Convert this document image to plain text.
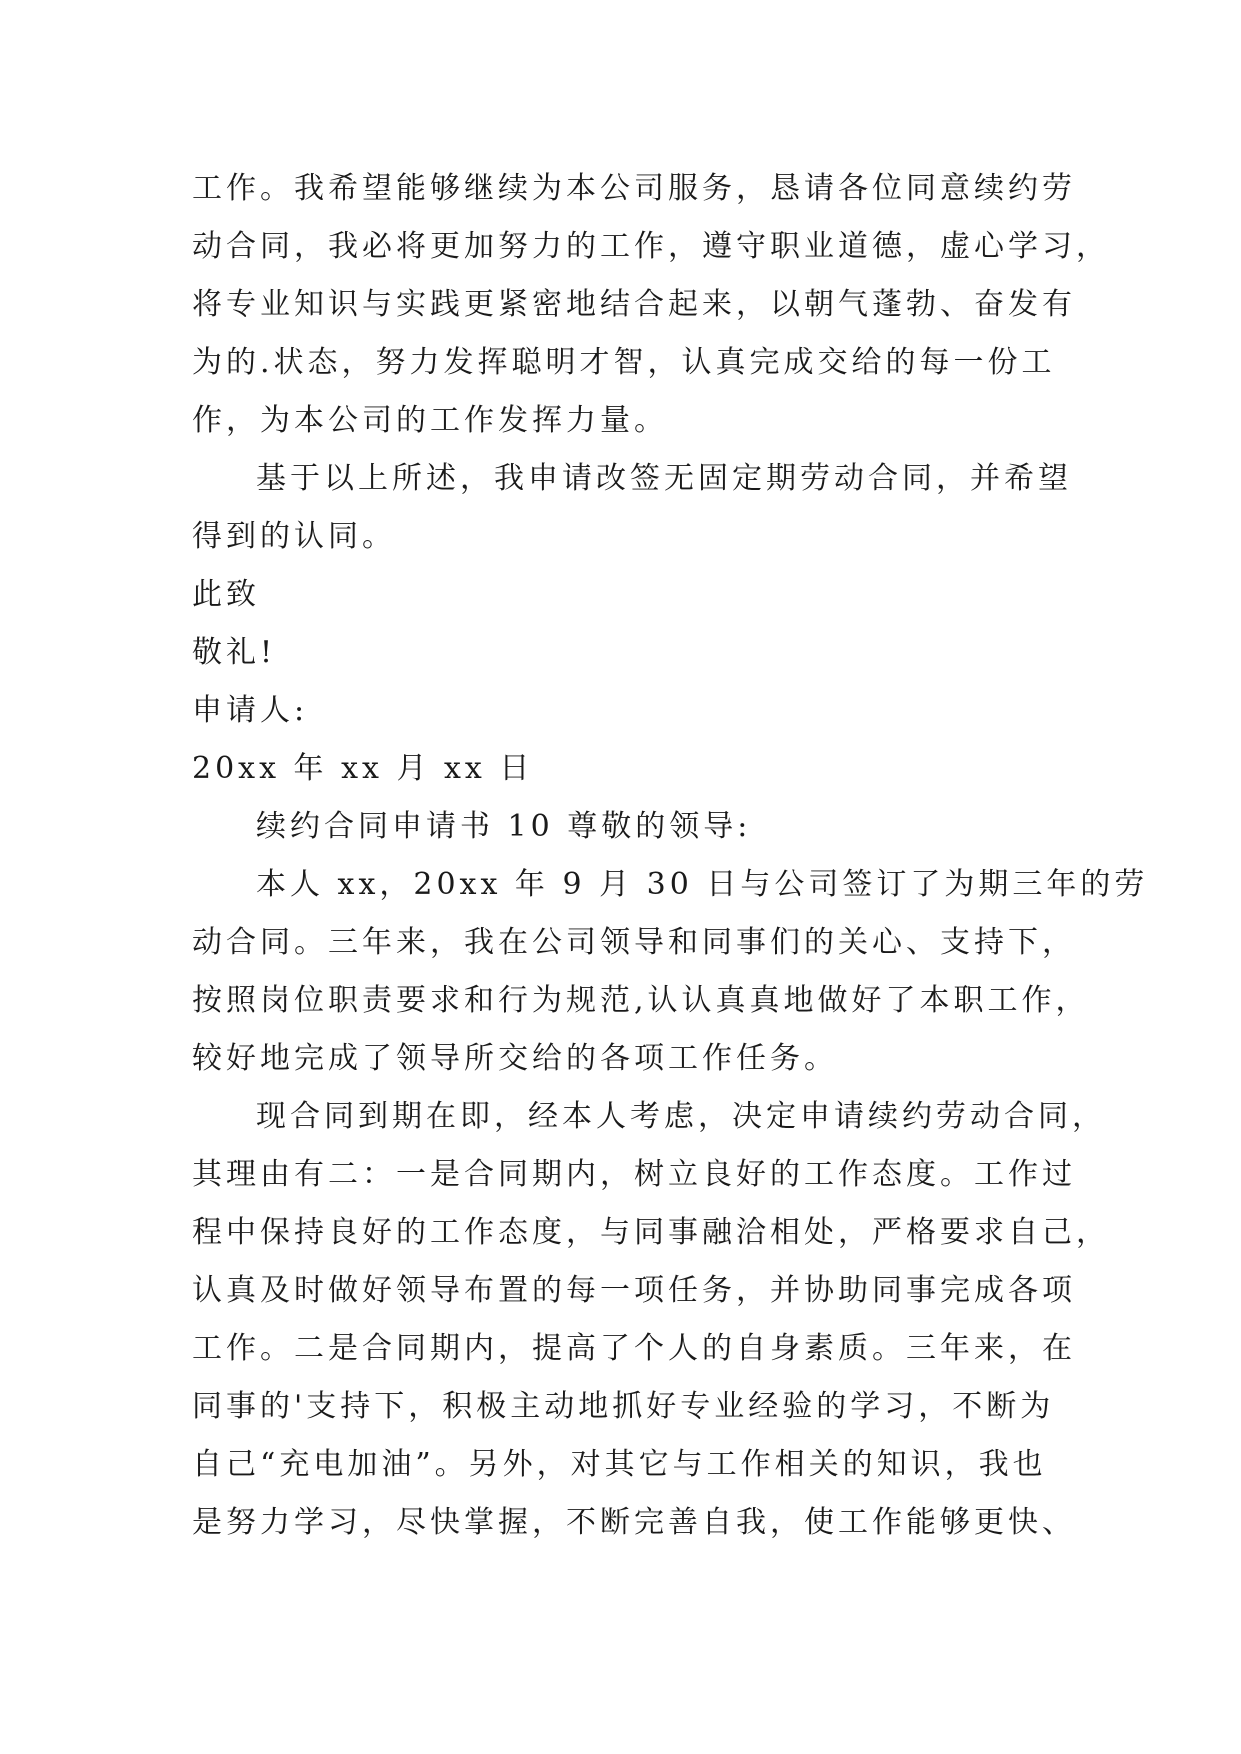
工作。我希望能够继续为本公司服务，恳请各位同意续约劳
动合同，我必将更加努力的工作，遵守职业道德，虚心学习，
将专业知识与实践更紧密地结合起来，以朝气蓬勃、奋发有
为的.状态，努力发挥聪明才智，认真完成交给的每一份工
作，为本公司的工作发挥力量。
基于以上所述，我申请改签无固定期劳动合同，并希望
得到的认同。
此致
敬礼!
申请人:
20xx 年 xx 月 xx 日
续约合同申请书 10 尊敬的领导:
本人 xx，20xx 年 9 月 30 日与公司签订了为期三年的劳
动合同。三年来，我在公司领导和同事们的关心、支持下，
按照岗位职责要求和行为规范,认认真真地做好了本职工作，
较好地完成了领导所交给的各项工作任务。
现合同到期在即，经本人考虑，决定申请续约劳动合同，
其理由有二：一是合同期内，树立良好的工作态度。工作过
程中保持良好的工作态度，与同事融洽相处，严格要求自己，
认真及时做好领导布置的每一项任务，并协助同事完成各项
工作。二是合同期内，提高了个人的自身素质。三年来，在
同事的'支持下，积极主动地抓好专业经验的学习，不断为
自己“充电加油”。另外，对其它与工作相关的知识，我也
是努力学习，尽快掌握，不断完善自我，使工作能够更快、
